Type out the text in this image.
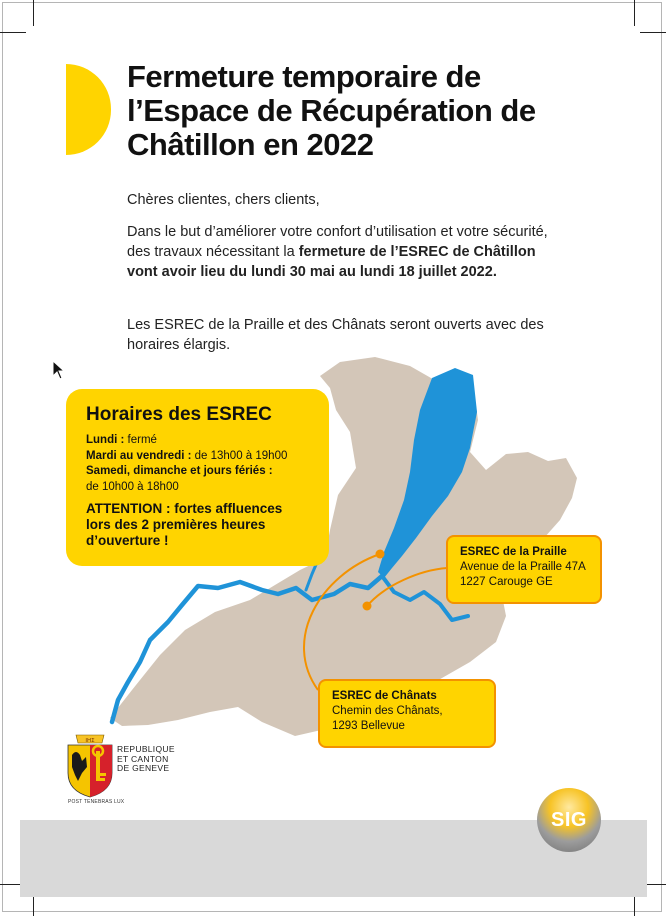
Fermeture temporaire de l’Espace de Récupération de Châtillon en 2022

Chères clientes, chers clients,

Dans le but d’améliorer votre confort d’utilisation et votre sécurité, des travaux nécessitant la fermeture de l’ESREC de Châtillon vont avoir lieu du lundi 30 mai au lundi 18 juillet 2022.

Les ESREC de la Praille et des Chânats seront ouverts avec des horaires élargis.

Horaires des ESREC
Lundi : fermé
Mardi au vendredi : de 13h00 à 19h00
Samedi, dimanche et jours fériés :
de 10h00 à 18h00
ATTENTION : fortes affluences lors des 2 premières heures d’ouverture !
ESREC de la Praille
Avenue de la Praille 47A
1227 Carouge GE
ESREC de Chânats
Chemin des Chânats,
1293 Bellevue
IHΣ
REPUBLIQUE
ET CANTON
DE GENEVE
POST TENEBRAS LUX
SIG
